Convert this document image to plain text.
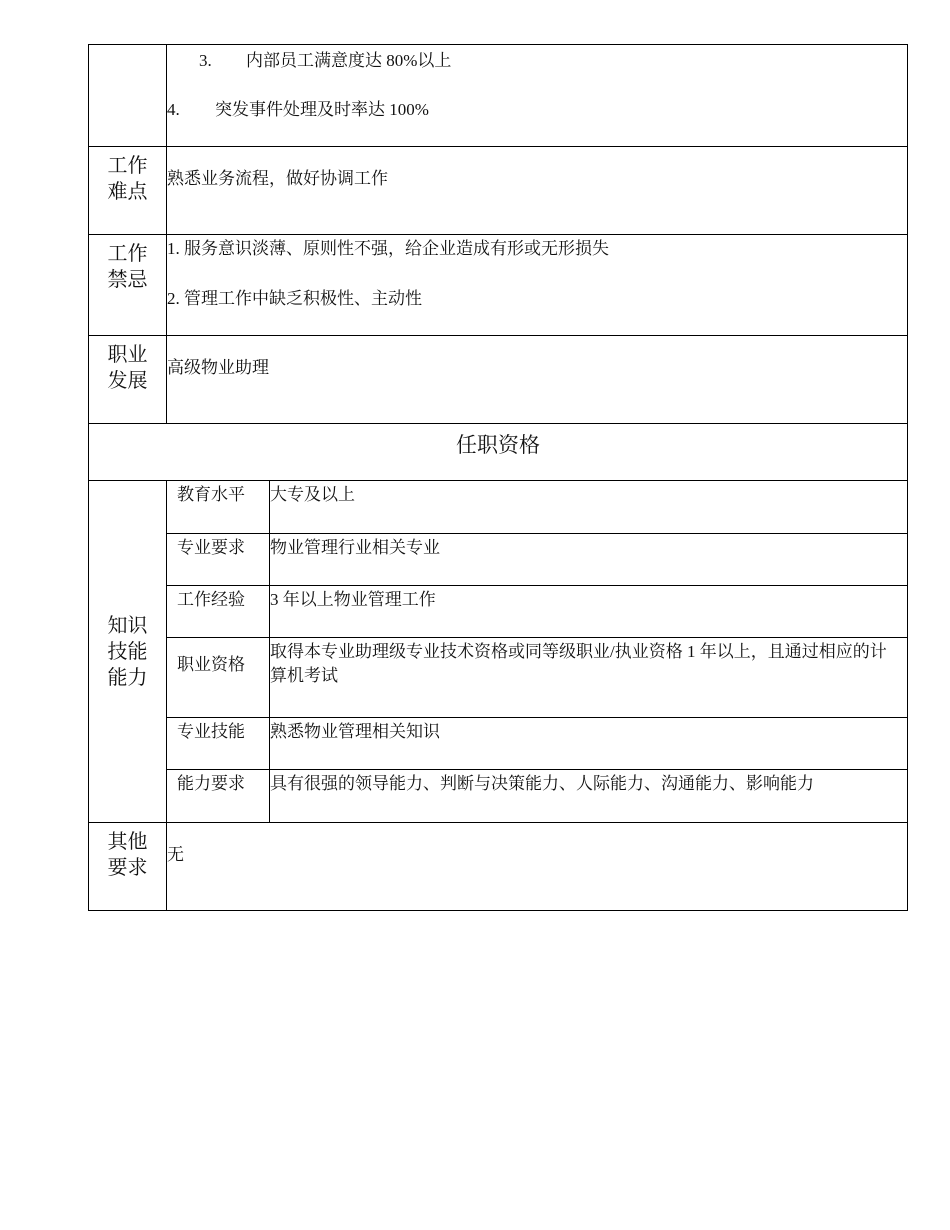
	3. 内部员工满意度达 80%以上
4. 突发事件处理及时率达 100%	

工作
难点	熟悉业务流程，做好协调工作	

工作
禁忌	1. 服务意识淡薄、原则性不强，给企业造成有形或无形损失
2. 管理工作中缺乏积极性、主动性	

职业
发展	高级物业助理	

任职资格		

知识
技能
能力	教育水平	大专及以上
	专业要求	物业管理行业相关专业
	工作经验	3 年以上物业管理工作
	职业资格	取得本专业助理级专业技术资格或同等级职业/执业资格 1 年以上，且通过相应的计算机考试
	专业技能	熟悉物业管理相关知识
	能力要求	具有很强的领导能力、判断与决策能力、人际能力、沟通能力、影响能力

其他
要求	无	
